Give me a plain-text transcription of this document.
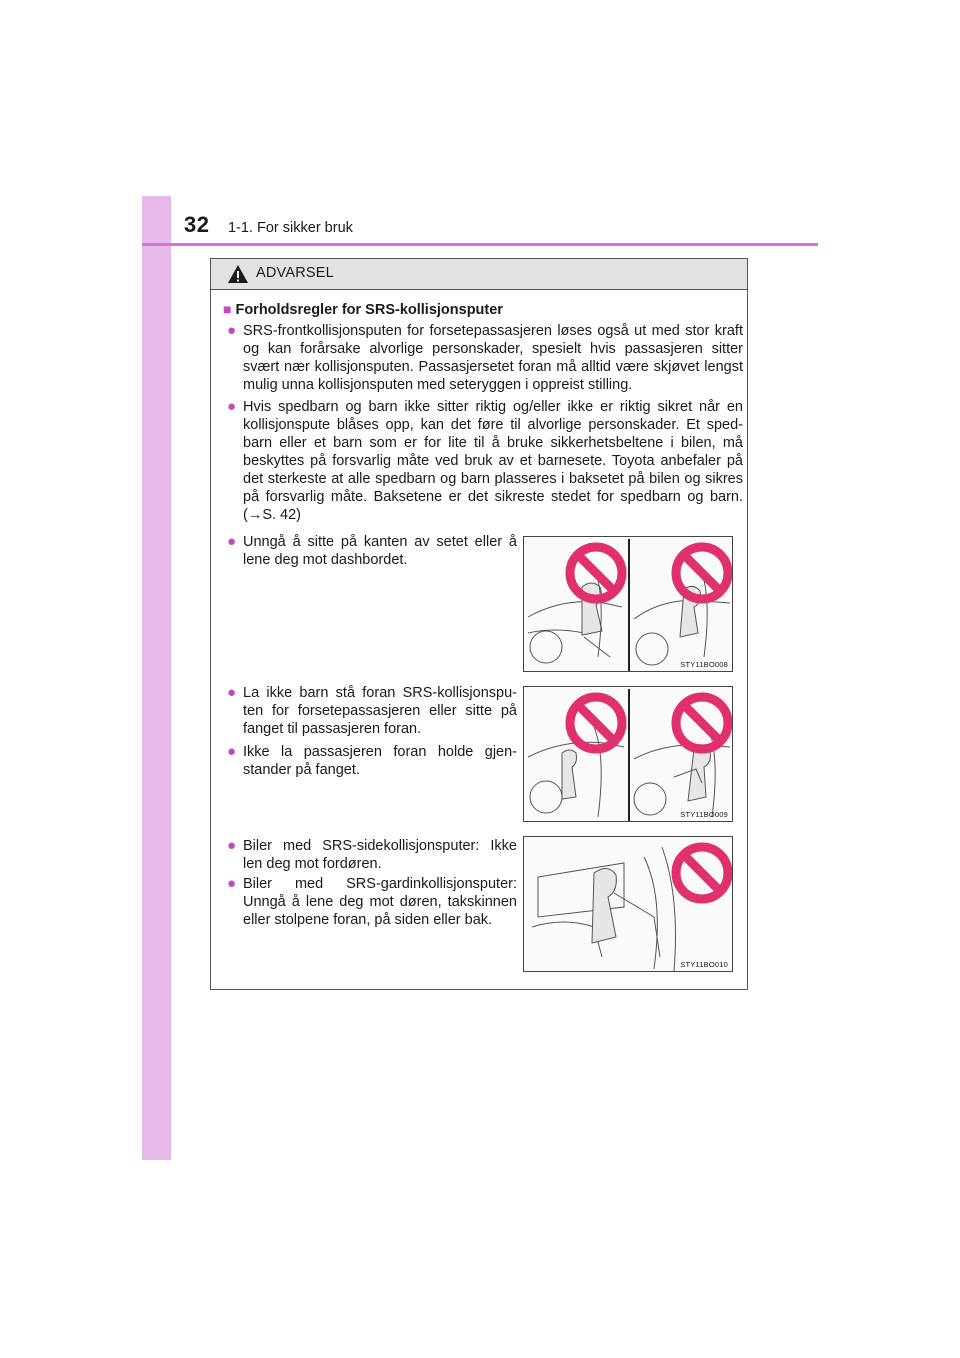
32 1-1. For sikker bruk
ADVARSEL
■ Forholdsregler for SRS-kollisjonsputer
● SRS-frontkollisjonsputen for forsetepassasjeren løses også ut med stor kraft og kan forårsake alvorlige personskader, spesielt hvis passasjeren sitter svært nær kollisjonsputen. Passasjersetet foran må alltid være skjøvet lengst mulig unna kollisjonsputen med seteryggen i oppreist stilling.
● Hvis spedbarn og barn ikke sitter riktig og/eller ikke er riktig sikret når en kollisjonspute blåses opp, kan det føre til alvorlige personskader. Et sped-barn eller et barn som er for lite til å bruke sikkerhetsbeltene i bilen, må beskyttes på forsvarlig måte ved bruk av et barnesete. Toyota anbefaler på det sterkeste at alle spedbarn og barn plasseres i baksetet på bilen og sikres på forsvarlig måte. Baksetene er det sikreste stedet for spedbarn og barn. (→S. 42)
● Unngå å sitte på kanten av setet eller å lene deg mot dashbordet.
● La ikke barn stå foran SRS-kollisjonspu-ten for forsetepassasjeren eller sitte på fanget til passasjeren foran.
● Ikke la passasjeren foran holde gjen-stander på fanget.
● Biler med SRS-sidekollisjonsputer: Ikke len deg mot fordøren.
● Biler med SRS-gardinkollisjonsputer: Unngå å lene deg mot døren, takskinnen eller stolpene foran, på siden eller bak.
STY11BO008
STY11BO009
STY11BO010
